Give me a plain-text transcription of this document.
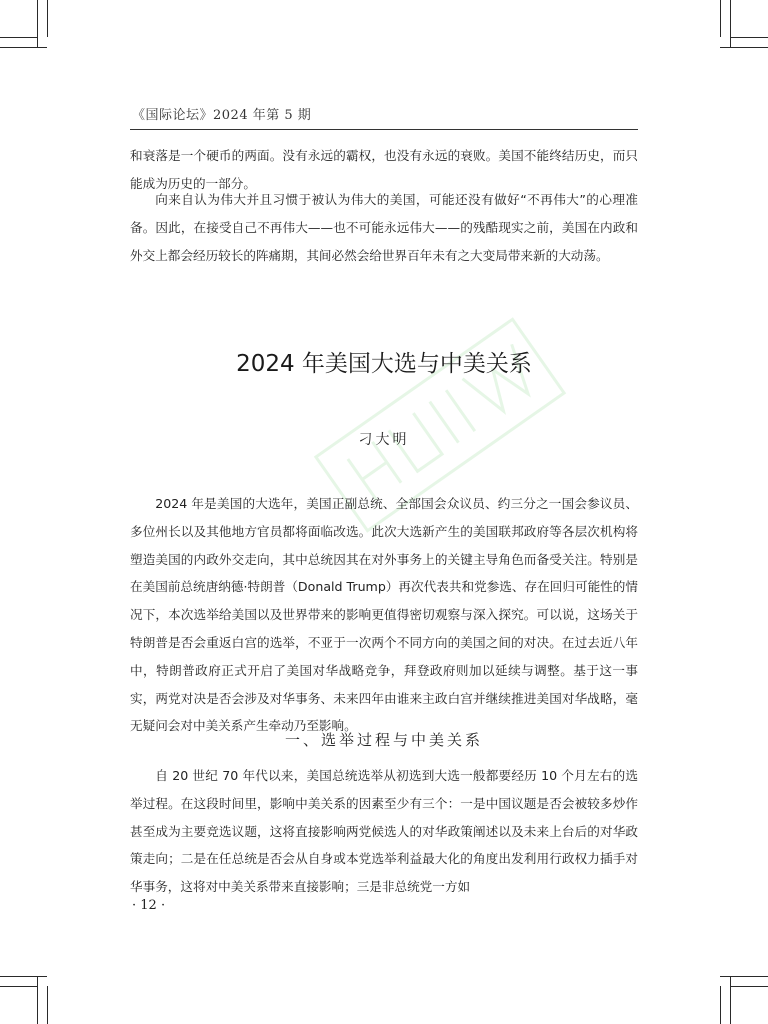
《国际论坛》2024 年第 5 期

和衰落是一个硬币的两面。没有永远的霸权，也没有永远的衰败。美国不能终结历史，而只能成为历史的一部分。

向来自认为伟大并且习惯于被认为伟大的美国，可能还没有做好“不再伟大”的心理准备。因此，在接受自己不再伟大——也不可能永远伟大——的残酷现实之前，美国在内政和外交上都会经历较长的阵痛期，其间必然会给世界百年未有之大变局带来新的大动荡。

2024 年美国大选与中美关系
刁大明

2024 年是美国的大选年，美国正副总统、全部国会众议员、约三分之一国会参议员、多位州长以及其他地方官员都将面临改选。此次大选新产生的美国联邦政府等各层次机构将塑造美国的内政外交走向，其中总统因其在对外事务上的关键主导角色而备受关注。特别是在美国前总统唐纳德·特朗普（Donald Trump）再次代表共和党参选、存在回归可能性的情况下，本次选举给美国以及世界带来的影响更值得密切观察与深入探究。可以说，这场关于特朗普是否会重返白宫的选举，不亚于一次两个不同方向的美国之间的对决。在过去近八年中，特朗普政府正式开启了美国对华战略竞争，拜登政府则加以延续与调整。基于这一事实，两党对决是否会涉及对华事务、未来四年由谁来主政白宫并继续推进美国对华战略，毫无疑问会对中美关系产生牵动乃至影响。

一、选举过程与中美关系

自 20 世纪 70 年代以来，美国总统选举从初选到大选一般都要经历 10 个月左右的选举过程。在这段时间里，影响中美关系的因素至少有三个：一是中国议题是否会被较多炒作甚至成为主要竞选议题，这将直接影响两党候选人的对华政策阐述以及未来上台后的对华政策走向；二是在任总统是否会从自身或本党选举利益最大化的角度出发利用行政权力插手对华事务，这将对中美关系带来直接影响；三是非总统党一方如

· 12 ·
